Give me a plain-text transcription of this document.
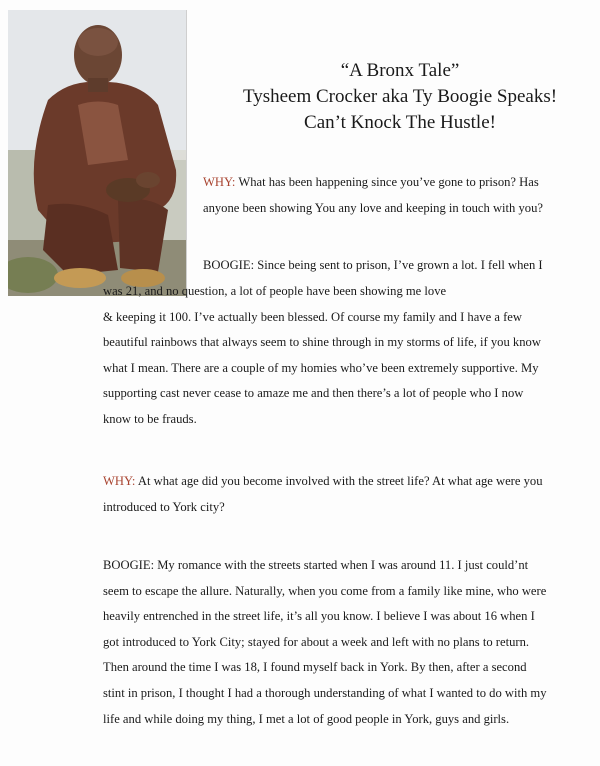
“A Bronx Tale”
Tysheem Crocker aka Ty Boogie Speaks!
Can’t Knock The Hustle!
WHY: What has been happening since you’ve gone to prison? Has
anyone been showing You any love and keeping in touch with you?
BOOGIE: Since being sent to prison, I’ve grown a lot. I fell when I
was 21, and no question, a lot of people have been showing me love
& keeping it 100. I’ve actually been blessed. Of course my family and I have a few
beautiful rainbows that always seem to shine through in my storms of life, if you know
what I mean. There are a couple of my homies who’ve been extremely supportive. My
supporting cast never cease to amaze me and then there’s a lot of people who I now
know to be frauds.
WHY: At what age did you become involved with the street life? At what age were you
introduced to York city?
BOOGIE: My romance with the streets started when I was around 11. I just could’nt
seem to escape the allure. Naturally, when you come from a family like mine, who were
heavily entrenched in the street life, it’s all you know. I believe I was about 16 when I
got introduced to York City; stayed for about a week and left with no plans to return.
Then around the time I was 18, I found myself back in York. By then, after a second
stint in prison, I thought I had a thorough understanding of what I wanted to do with my
life and while doing my thing, I met a lot of good people in York, guys and girls.
